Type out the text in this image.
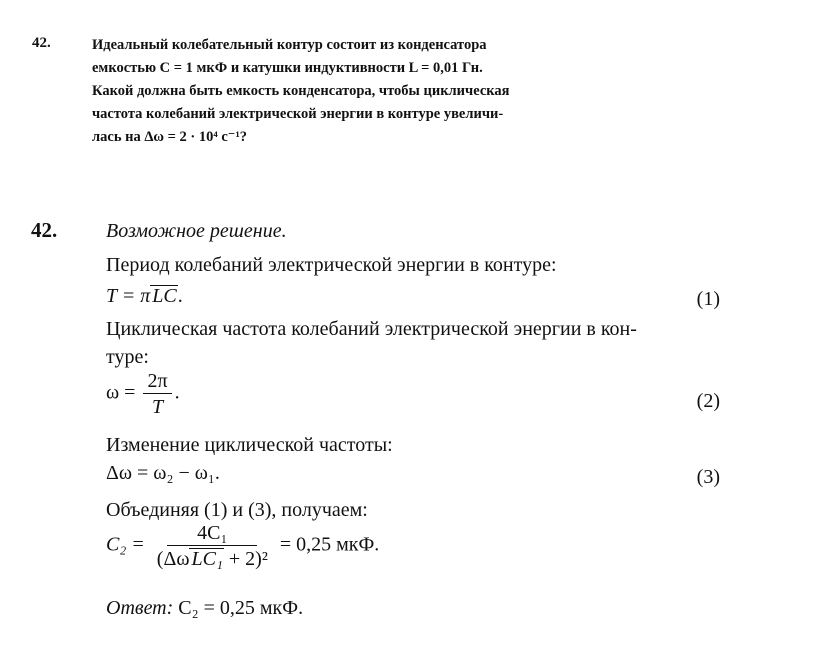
42.	Идеальный колебательный контур состоит из конденсатора
емкостью C = 1 мкФ и катушки индуктивности L = 0,01 Гн.
Какой должна быть емкость конденсатора, чтобы циклическая
частота колебаний электрической энергии в контуре увеличи-
лась на Δω = 2 · 10⁴ с⁻¹?
42. Возможное решение.
Период колебаний электрической энергии в контуре:
T = π LC.	(1)
Циклическая частота колебаний электрической энергии в кон-
туре:
$\omega = \frac{2\pi}{T}$ .	(2)
Изменение циклической частоты:
Δω = ω₂ − ω₁.	(3)
Объединяя (1) и (3), получаем:
$C_2 = \frac{\text{4C₁}}{\text{(Δω LC₁ + 2)²}} = 0,25$ мкФ.
Ответ: C₂ = 0,25 мкФ.
